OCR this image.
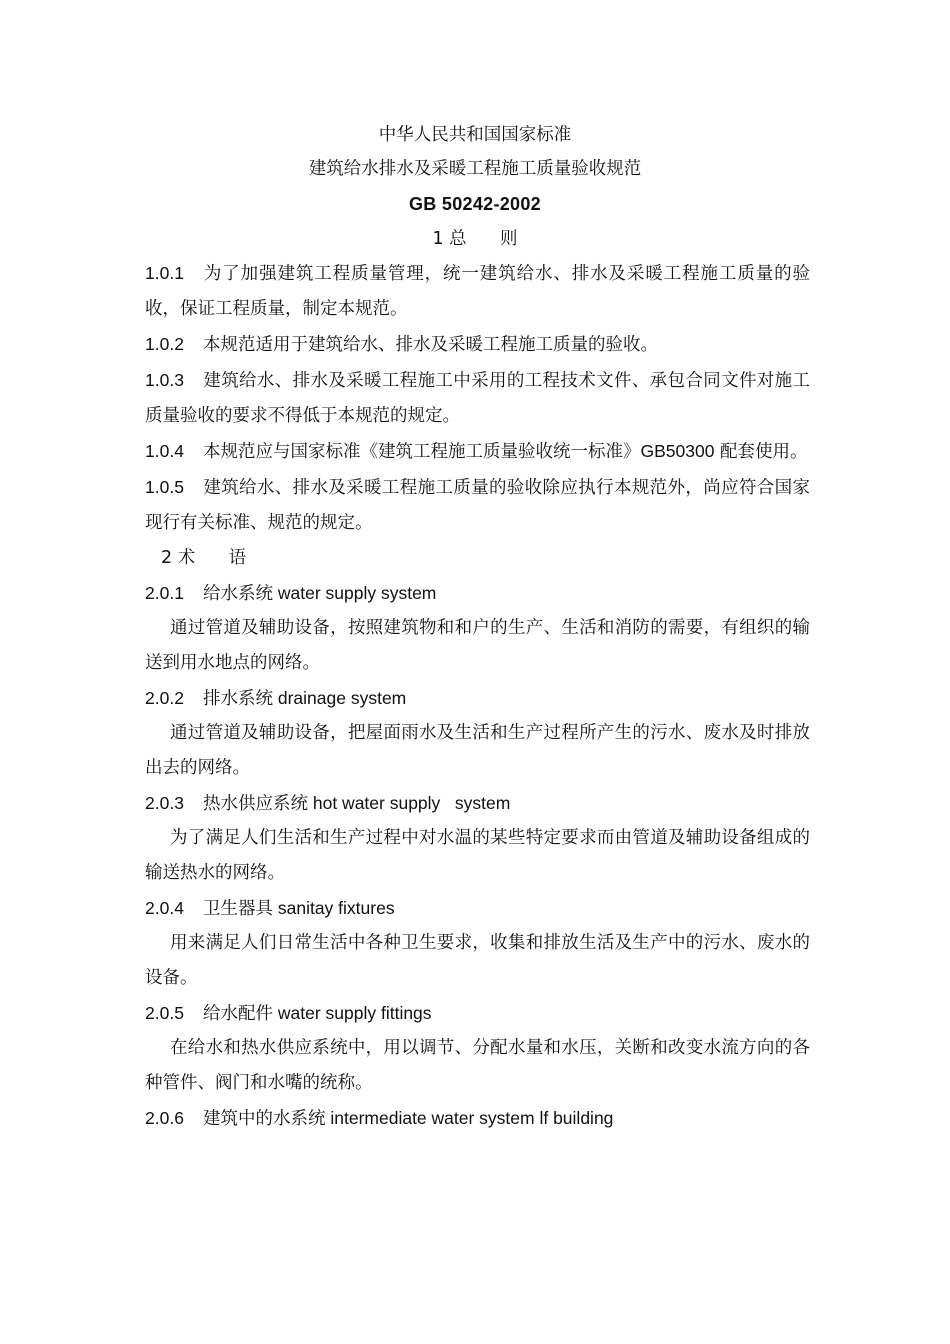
中华人民共和国国家标准
建筑给水排水及采暖工程施工质量验收规范
GB 50242-2002
1 总      则
1.0.1 为了加强建筑工程质量管理，统一建筑给水、排水及采暖工程施工质量的验收，保证工程质量，制定本规范。
1.0.2 本规范适用于建筑给水、排水及采暖工程施工质量的验收。
1.0.3 建筑给水、排水及采暖工程施工中采用的工程技术文件、承包合同文件对施工质量验收的要求不得低于本规范的规定。
1.0.4 本规范应与国家标准《建筑工程施工质量验收统一标准》GB50300 配套使用。
1.0.5 建筑给水、排水及采暖工程施工质量的验收除应执行本规范外，尚应符合国家现行有关标准、规范的规定。
2 术      语
2.0.1 给水系统 water supply system
通过管道及辅助设备，按照建筑物和和户的生产、生活和消防的需要，有组织的输送到用水地点的网络。
2.0.2 排水系统 drainage system
通过管道及辅助设备，把屋面雨水及生活和生产过程所产生的污水、废水及时排放出去的网络。
2.0.3 热水供应系统 hot water supply   system
为了满足人们生活和生产过程中对水温的某些特定要求而由管道及辅助设备组成的输送热水的网络。
2.0.4 卫生器具 sanitay fixtures
用来满足人们日常生活中各种卫生要求，收集和排放生活及生产中的污水、废水的设备。
2.0.5 给水配件 water supply fittings
在给水和热水供应系统中，用以调节、分配水量和水压，关断和改变水流方向的各种管件、阀门和水嘴的统称。
2.0.6 建筑中的水系统 intermediate water system lf building
